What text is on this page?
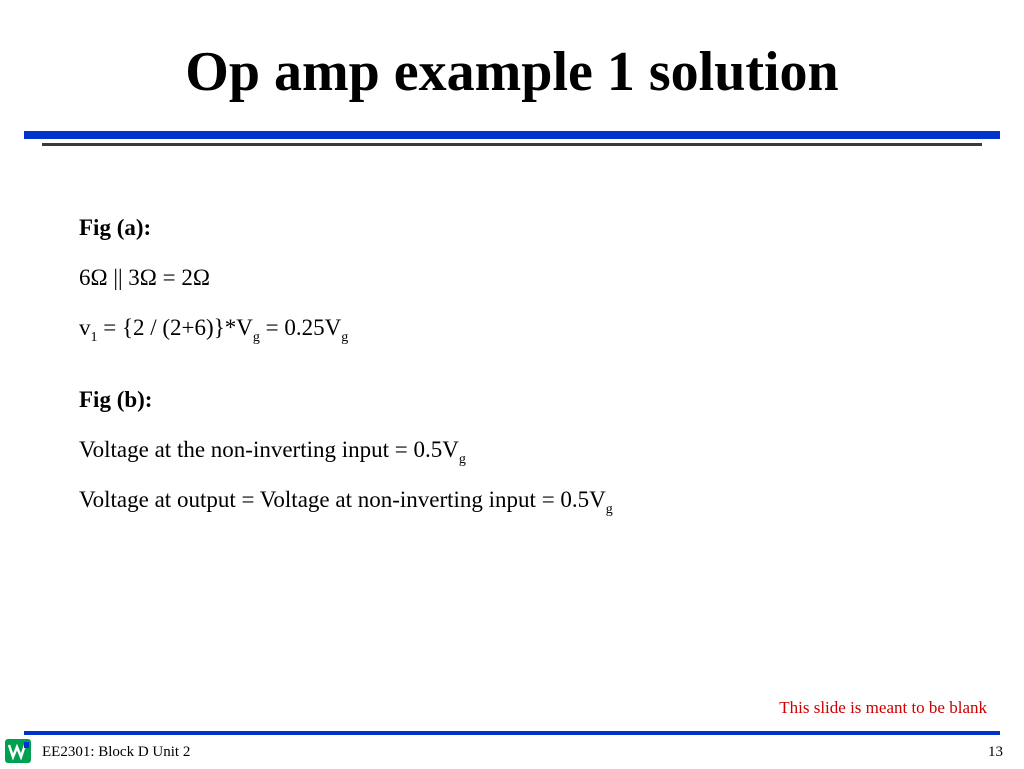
Op amp example 1 solution
Fig (a):
6Ω || 3Ω = 2Ω
$v_1 = \{2 / (2+6)\}*V_g = 0.25V_g$
Fig (b):
Voltage at the non-inverting input = $0.5V_g$
Voltage at output = Voltage at non-inverting input = $0.5V_g$
This slide is meant to be blank
EE2301: Block D Unit 2	13
